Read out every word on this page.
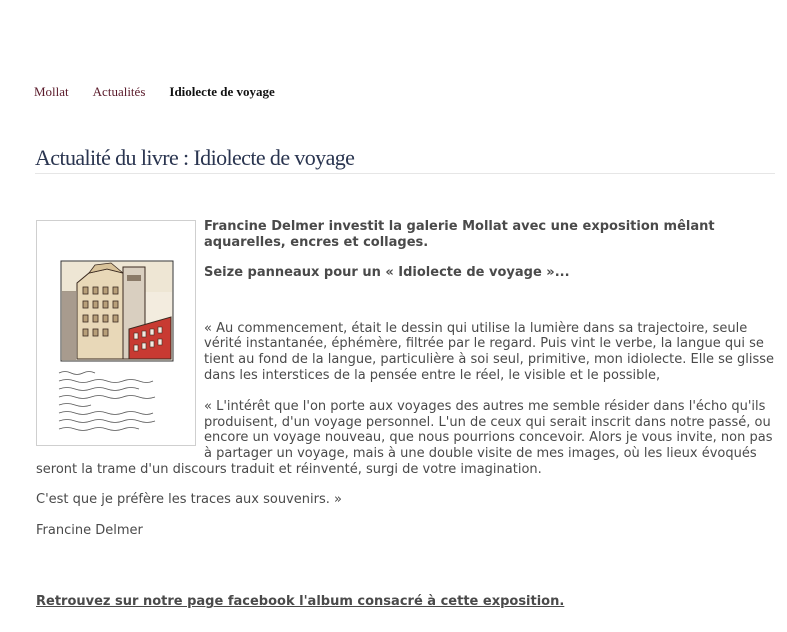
Mollat Actualités Idiolecte de voyage
Actualité du livre : Idiolecte de voyage

Francine Delmer investit la galerie Mollat avec une exposition mêlant aquarelles, encres et collages.

Seize panneaux pour un « Idiolecte de voyage »...

« Au commencement, était le dessin qui utilise la lumière dans sa trajectoire, seule vérité instantanée, éphémère, filtrée par le regard. Puis vint le verbe, la langue qui se tient au fond de la langue, particulière à soi seul, primitive, mon idiolecte. Elle se glisse dans les interstices de la pensée entre le réel, le visible et le possible,

« L'intérêt que l'on porte aux voyages des autres me semble résider dans l'écho qu'ils produisent, d'un voyage personnel. L'un de ceux qui serait inscrit dans notre passé, ou encore un voyage nouveau, que nous pourrions concevoir. Alors je vous invite, non pas à partager un voyage, mais à une double visite de mes images, où les lieux évoqués seront la trame d'un discours traduit et réinventé, surgi de votre imagination.

C'est que je préfère les traces aux souvenirs. »

Francine Delmer

Retrouvez sur notre page facebook l'album consacré à cette exposition.
